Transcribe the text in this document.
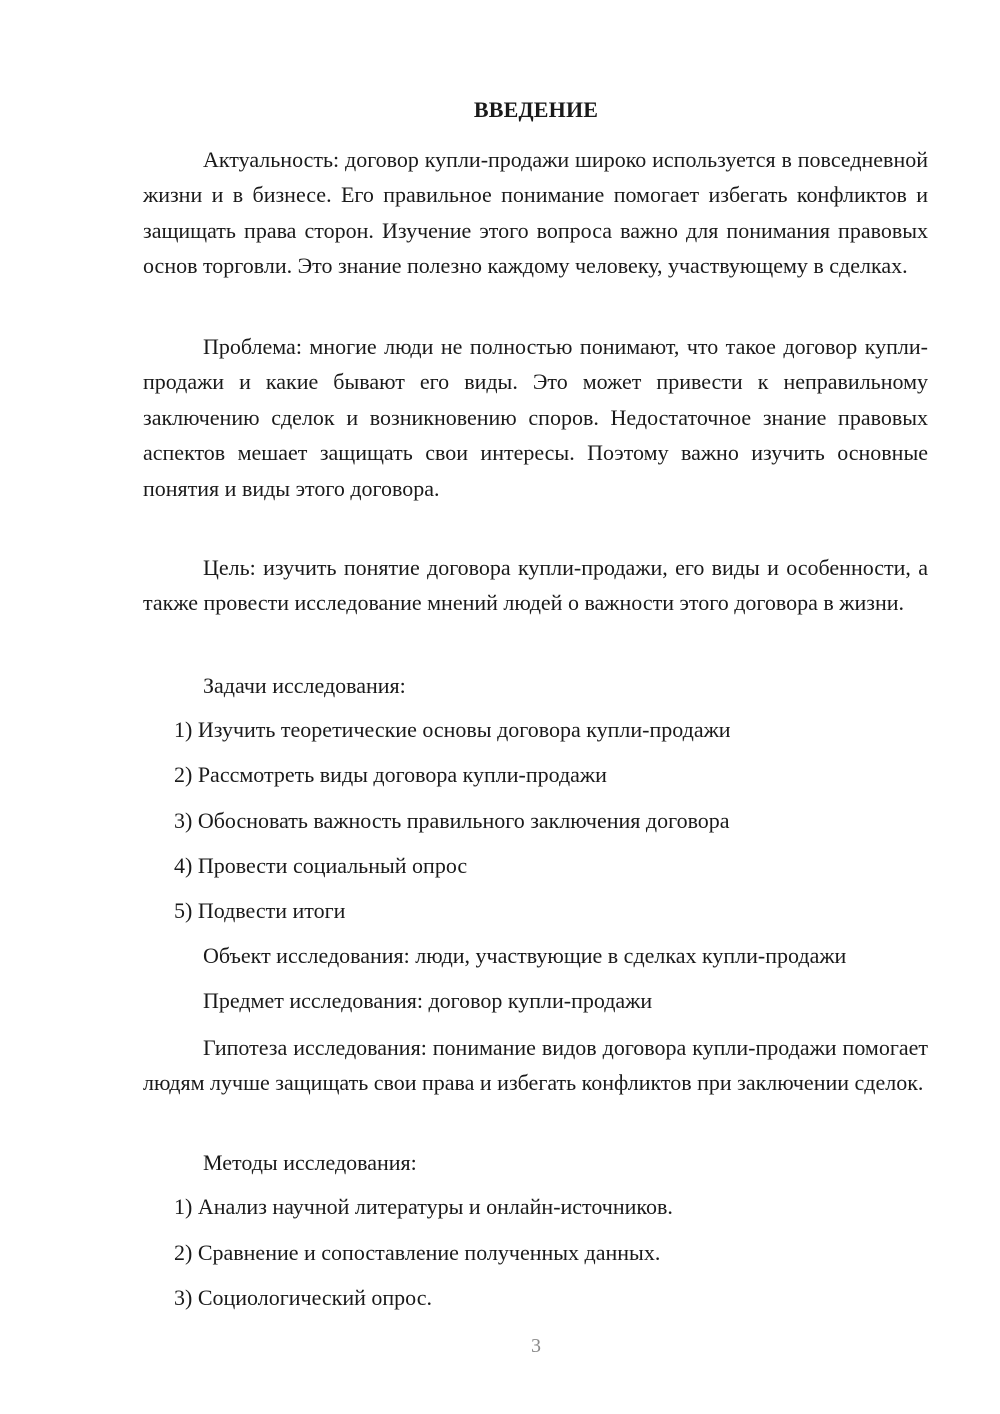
ВВЕДЕНИЕ

Актуальность: договор купли-продажи широко используется в повседневной жизни и в бизнесе. Его правильное понимание помогает избегать конфликтов и защищать права сторон. Изучение этого вопроса важно для понимания правовых основ торговли. Это знание полезно каждому человеку, участвующему в сделках.

Проблема: многие люди не полностью понимают, что такое договор купли-продажи и какие бывают его виды. Это может привести к неправильному заключению сделок и возникновению споров. Недостаточное знание правовых аспектов мешает защищать свои интересы. Поэтому важно изучить основные понятия и виды этого договора.

Цель: изучить понятие договора купли-продажи, его виды и особенности, а также провести исследование мнений людей о важности этого договора в жизни.

Задачи исследования:
1) Изучить теоретические основы договора купли-продажи
2) Рассмотреть виды договора купли-продажи
3) Обосновать важность правильного заключения договора
4) Провести социальный опрос
5) Подвести итоги
Объект исследования: люди, участвующие в сделках купли-продажи
Предмет исследования: договор купли-продажи

Гипотеза исследования: понимание видов договора купли-продажи помогает людям лучше защищать свои права и избегать конфликтов при заключении сделок.

Методы исследования:
1) Анализ научной литературы и онлайн-источников.
2) Сравнение и сопоставление полученных данных.
3) Социологический опрос.
3
